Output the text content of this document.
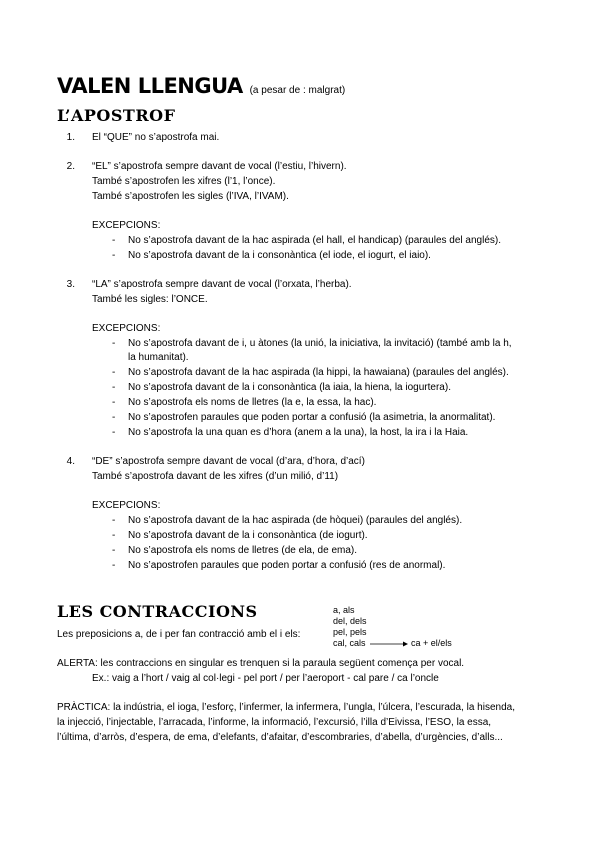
VALEN LLENGUA (a pesar de : malgrat)
L’APOSTROF
1. El “QUE” no s’apostrofa mai.
2. “EL” s’apostrofa sempre davant de vocal (l’estiu, l’hivern).
També s’apostrofen les xifres (l’1, l’once).
També s’apostrofen les sigles (l’IVA, l’IVAM).
EXCEPCIONS:
- No s’apostrofa davant de la hac aspirada (el hall, el handicap) (paraules del anglés).
- No s’apostrofa davant de la i consonàntica (el iode, el iogurt, el iaio).
3. “LA” s’apostrofa sempre davant de vocal (l’orxata, l’herba).
També les sigles: l’ONCE.
EXCEPCIONS:
- No s’apostrofa davant de i, u àtones (la unió, la iniciativa, la invitació) (també amb la h,
la humanitat).
- No s’apostrofa davant de la hac aspirada (la hippi, la hawaiana) (paraules del anglés).
- No s’apostrofa davant de la i consonàntica (la iaia, la hiena, la iogurtera).
- No s’apostrofa els noms de lletres (la e, la essa, la hac).
- No s’apostrofen paraules que poden portar a confusió (la asimetria, la anormalitat).
- No s’apostrofa la una quan es d’hora (anem a la una), la host, la ira i la Haia.
4. “DE” s’apostrofa sempre davant de vocal (d’ara, d’hora, d’ací)
També s’apostrofa davant de les xifres (d’un milió, d’11)
EXCEPCIONS:
- No s’apostrofa davant de la hac aspirada (de hòquei) (paraules del anglés).
- No s’apostrofa davant de la i consonàntica (de iogurt).
- No s’apostrofa els noms de lletres (de ela, de ema).
- No s’apostrofen paraules que poden portar a confusió (res de anormal).
LES CONTRACCIONS	a, als
del, dels
pel, pels
cal, cals	ca + el/els
Les preposicions a, de i per fan contracció amb el i els:
ALERTA: les contraccions en singular es trenquen si la paraula següent comença per vocal.
Ex.: vaig a l’hort / vaig al col·legi - pel port / per l’aeroport - cal pare / ca l’oncle
PRÀCTICA: la indústria, el ioga, l’esforç, l’infermer, la infermera, l’ungla, l’úlcera, l’escurada, la hisenda,
la injecció, l’injectable, l’arracada, l’informe, la informació, l’excursió, l’illa d’Eivissa, l’ESO, la essa,
l’última, d’arròs, d’espera, de ema, d’elefants, d’afaitar, d’escombraries, d’abella, d’urgències, d’alls...
